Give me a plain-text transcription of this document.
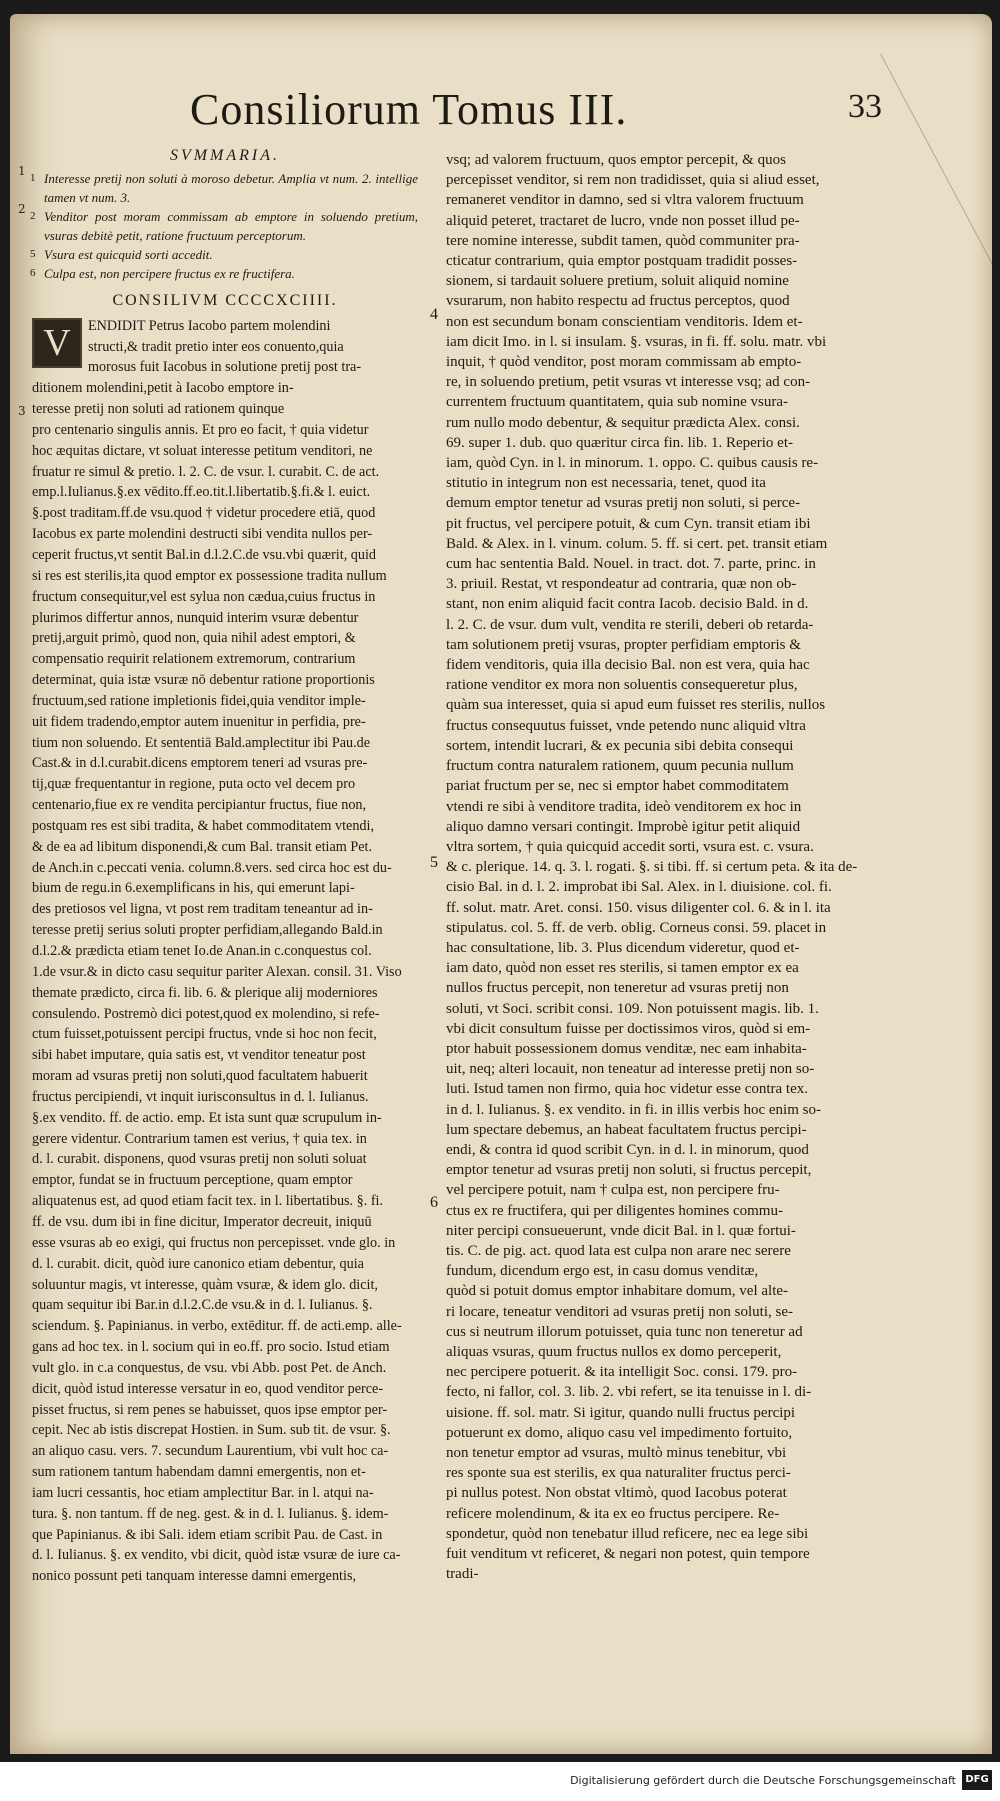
Consiliorum Tomus III.	33
1
2
3
SVMMARIA.
1 Interesse pretij non soluti à moroso debetur. Amplia vt num. 2. intellige tamen vt num. 3.
2 Venditor post moram commissam ab emptore in soluendo pretium, vsuras debitè petit, ratione fructuum perceptorum.
5 Vsura est quicquid sorti accedit.
6 Culpa est, non percipere fructus ex re fructifera.
CONSILIVM CCCCXCIIII.
V	ENDIDIT Petrus Iacobo partem molendini
structi,& tradit pretio inter eos conuento,quia
morosus fuit Iacobus in solutione pretij post tra-
ditionem molendini,petit à Iacobo emptore in-
teresse pretij non soluti ad rationem quinque
pro centenario singulis annis. Et pro eo facit, † quia videtur
hoc æquitas dictare, vt soluat interesse petitum venditori, ne
fruatur re simul & pretio. l. 2. C. de vsur. l. curabit. C. de act.
emp.l.Iulianus.§.ex vēdito.ff.eo.tit.l.libertatib.§.fi.& l. euict.
§.post traditam.ff.de vsu.quod † videtur procedere etiā, quod
Iacobus ex parte molendini destructi sibi vendita nullos per-
ceperit fructus,vt sentit Bal.in d.l.2.C.de vsu.vbi quærit, quid
si res est sterilis,ita quod emptor ex possessione tradita nullum
fructum consequitur,vel est sylua non cædua,cuius fructus in
plurimos differtur annos, nunquid interim vsuræ debentur
pretij,arguit primò, quod non, quia nihil adest emptori, &
compensatio requirit relationem extremorum, contrarium
determinat, quia istæ vsuræ nō debentur ratione proportionis
fructuum,sed ratione impletionis fidei,quia venditor imple-
uit fidem tradendo,emptor autem inuenitur in perfidia, pre-
tium non soluendo. Et sententiā Bald.amplectitur ibi Pau.de
Cast.& in d.l.curabit.dicens emptorem teneri ad vsuras pre-
tij,quæ frequentantur in regione, puta octo vel decem pro
centenario,fiue ex re vendita percipiantur fructus, fiue non,
postquam res est sibi tradita, & habet commoditatem vtendi,
& de ea ad libitum disponendi,& cum Bal. transit etiam Pet.
de Anch.in c.peccati venia. column.8.vers. sed circa hoc est du-
bium de regu.in 6.exemplificans in his, qui emerunt lapi-
des pretiosos vel ligna, vt post rem traditam teneantur ad in-
teresse pretij serius soluti propter perfidiam,allegando Bald.in
d.l.2.& prædicta etiam tenet Io.de Anan.in c.conquestus col.
1.de vsur.& in dicto casu sequitur pariter Alexan. consil. 31. Viso
themate prædicto, circa fi. lib. 6. & plerique alij moderniores
consulendo. Postremò dici potest,quod ex molendino, si refe-
ctum fuisset,potuissent percipi fructus, vnde si hoc non fecit,
sibi habet imputare, quia satis est, vt venditor teneatur post
moram ad vsuras pretij non soluti,quod facultatem habuerit
fructus percipiendi, vt inquit iurisconsultus in d. l. Iulianus.
§.ex vendito. ff. de actio. emp. Et ista sunt quæ scrupulum in-
gerere videntur. Contrarium tamen est verius, † quia tex. in
d. l. curabit. disponens, quod vsuras pretij non soluti soluat
emptor, fundat se in fructuum perceptione, quam emptor
aliquatenus est, ad quod etiam facit tex. in l. libertatibus. §. fi.
ff. de vsu. dum ibi in fine dicitur, Imperator decreuit, iniquū
esse vsuras ab eo exigi, qui fructus non percepisset. vnde glo. in
d. l. curabit. dicit, quòd iure canonico etiam debentur, quia
soluuntur magis, vt interesse, quàm vsuræ, & idem glo. dicit,
quam sequitur ibi Bar.in d.l.2.C.de vsu.& in d. l. Iulianus. §.
sciendum. §. Papinianus. in verbo, extēditur. ff. de acti.emp. alle-
gans ad hoc tex. in l. socium qui in eo.ff. pro socio. Istud etiam
vult glo. in c.a conquestus, de vsu. vbi Abb. post Pet. de Anch.
dicit, quòd istud interesse versatur in eo, quod venditor perce-
pisset fructus, si rem penes se habuisset, quos ipse emptor per-
cepit. Nec ab istis discrepat Hostien. in Sum. sub tit. de vsur. §.
an aliquo casu. vers. 7. secundum Laurentium, vbi vult hoc ca-
sum rationem tantum habendam damni emergentis, non et-
iam lucri cessantis, hoc etiam amplectitur Bar. in l. atqui na-
tura. §. non tantum. ff de neg. gest. & in d. l. Iulianus. §. idem-
que Papinianus. & ibi Sali. idem etiam scribit Pau. de Cast. in
d. l. Iulianus. §. ex vendito, vbi dicit, quòd istæ vsuræ de iure ca-
nonico possunt peti tanquam interesse damni emergentis,
vsq; ad valorem fructuum, quos emptor percepit, & quos
percepisset venditor, si rem non tradidisset, quia si aliud esset,
remaneret venditor in damno, sed si vltra valorem fructuum
aliquid peteret, tractaret de lucro, vnde non posset illud pe-
tere nomine interesse, subdit tamen, quòd communiter pra-
cticatur contrarium, quia emptor postquam tradidit posses-
sionem, si tardauit soluere pretium, soluit aliquid nomine
vsurarum, non habito respectu ad fructus perceptos, quod
non est secundum bonam conscientiam venditoris. Idem et-
iam dicit Imo. in l. si insulam. §. vsuras, in fi. ff. solu. matr. vbi
inquit, † quòd venditor, post moram commissam ab empto-
re, in soluendo pretium, petit vsuras vt interesse vsq; ad con-
currentem fructuum quantitatem, quia sub nomine vsura-
rum nullo modo debentur, & sequitur prædicta Alex. consi.
69. super 1. dub. quo quæritur circa fin. lib. 1. Reperio et-
iam, quòd Cyn. in l. in minorum. 1. oppo. C. quibus causis re-
stitutio in integrum non est necessaria, tenet, quod ita
demum emptor tenetur ad vsuras pretij non soluti, si perce-
pit fructus, vel percipere potuit, & cum Cyn. transit etiam ibi
Bald. & Alex. in l. vinum. colum. 5. ff. si cert. pet. transit etiam
cum hac sententia Bald. Nouel. in tract. dot. 7. parte, princ. in
3. priuil. Restat, vt respondeatur ad contraria, quæ non ob-
stant, non enim aliquid facit contra Iacob. decisio Bald. in d.
l. 2. C. de vsur. dum vult, vendita re sterili, deberi ob retarda-
tam solutionem pretij vsuras, propter perfidiam emptoris &
fidem venditoris, quia illa decisio Bal. non est vera, quia hac
ratione venditor ex mora non soluentis consequeretur plus,
quàm sua interesset, quia si apud eum fuisset res sterilis, nullos
fructus consequutus fuisset, vnde petendo nunc aliquid vltra
sortem, intendit lucrari, & ex pecunia sibi debita consequi
fructum contra naturalem rationem, quum pecunia nullum
pariat fructum per se, nec si emptor habet commoditatem
vtendi re sibi à venditore tradita, ideò venditorem ex hoc in
aliquo damno versari contingit. Improbè igitur petit aliquid
vltra sortem, † quia quicquid accedit sorti, vsura est. c. vsura.
& c. plerique. 14. q. 3. l. rogati. §. si tibi. ff. si certum peta. & ita de-
cisio Bal. in d. l. 2. improbat ibi Sal. Alex. in l. diuisione. col. fi.
ff. solut. matr. Aret. consi. 150. visus diligenter col. 6. & in l. ita
stipulatus. col. 5. ff. de verb. oblig. Corneus consi. 59. placet in
hac consultatione, lib. 3. Plus dicendum videretur, quod et-
iam dato, quòd non esset res sterilis, si tamen emptor ex ea
nullos fructus percepit, non teneretur ad vsuras pretij non
soluti, vt Soci. scribit consi. 109. Non potuissent magis. lib. 1.
vbi dicit consultum fuisse per doctissimos viros, quòd si em-
ptor habuit possessionem domus venditæ, nec eam inhabita-
uit, neq; alteri locauit, non teneatur ad interesse pretij non so-
luti. Istud tamen non firmo, quia hoc videtur esse contra tex.
in d. l. Iulianus. §. ex vendito. in fi. in illis verbis hoc enim so-
lum spectare debemus, an habeat facultatem fructus percipi-
endi, & contra id quod scribit Cyn. in d. l. in minorum, quod
emptor tenetur ad vsuras pretij non soluti, si fructus percepit,
vel percipere potuit, nam † culpa est, non percipere fru-
ctus ex re fructifera, qui per diligentes homines commu-
niter percipi consueuerunt, vnde dicit Bal. in l. quæ fortui-
tis. C. de pig. act. quod lata est culpa non arare nec serere
fundum, dicendum ergo est, in casu domus venditæ,
quòd si potuit domus emptor inhabitare domum, vel alte-
ri locare, teneatur venditori ad vsuras pretij non soluti, se-
cus si neutrum illorum potuisset, quia tunc non teneretur ad
aliquas vsuras, quum fructus nullos ex domo perceperit,
nec percipere potuerit. & ita intelligit Soc. consi. 179. pro-
fecto, ni fallor, col. 3. lib. 2. vbi refert, se ita tenuisse in l. di-
uisione. ff. sol. matr. Si igitur, quando nulli fructus percipi
potuerunt ex domo, aliquo casu vel impedimento fortuito,
non tenetur emptor ad vsuras, multò minus tenebitur, vbi
res sponte sua est sterilis, ex qua naturaliter fructus perci-
pi nullus potest. Non obstat vltimò, quod Iacobus poterat
reficere molendinum, & ita ex eo fructus percipere. Re-
spondetur, quòd non tenebatur illud reficere, nec ea lege sibi
fuit venditum vt reficeret, & negari non potest, quin tempore
tradi-
4
5
6
Digitalisierung gefördert durch die Deutsche Forschungsgemeinschaft DFG
